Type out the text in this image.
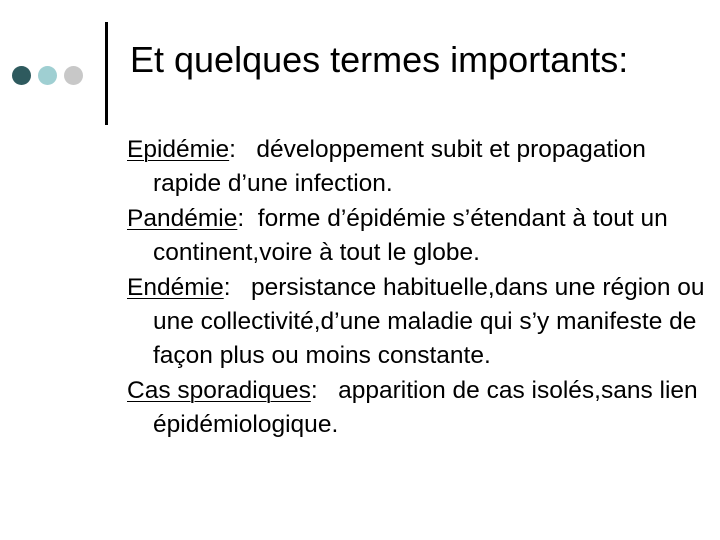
Et quelques termes importants:
Epidémie: développement subit et propagation rapide d’une infection.
Pandémie: forme d’épidémie s’étendant à tout un continent,voire à tout le globe.
Endémie: persistance habituelle,dans une région ou une collectivité,d’une maladie qui s’y manifeste de façon plus ou moins constante.
Cas sporadiques: apparition de cas isolés,sans lien épidémiologique.
